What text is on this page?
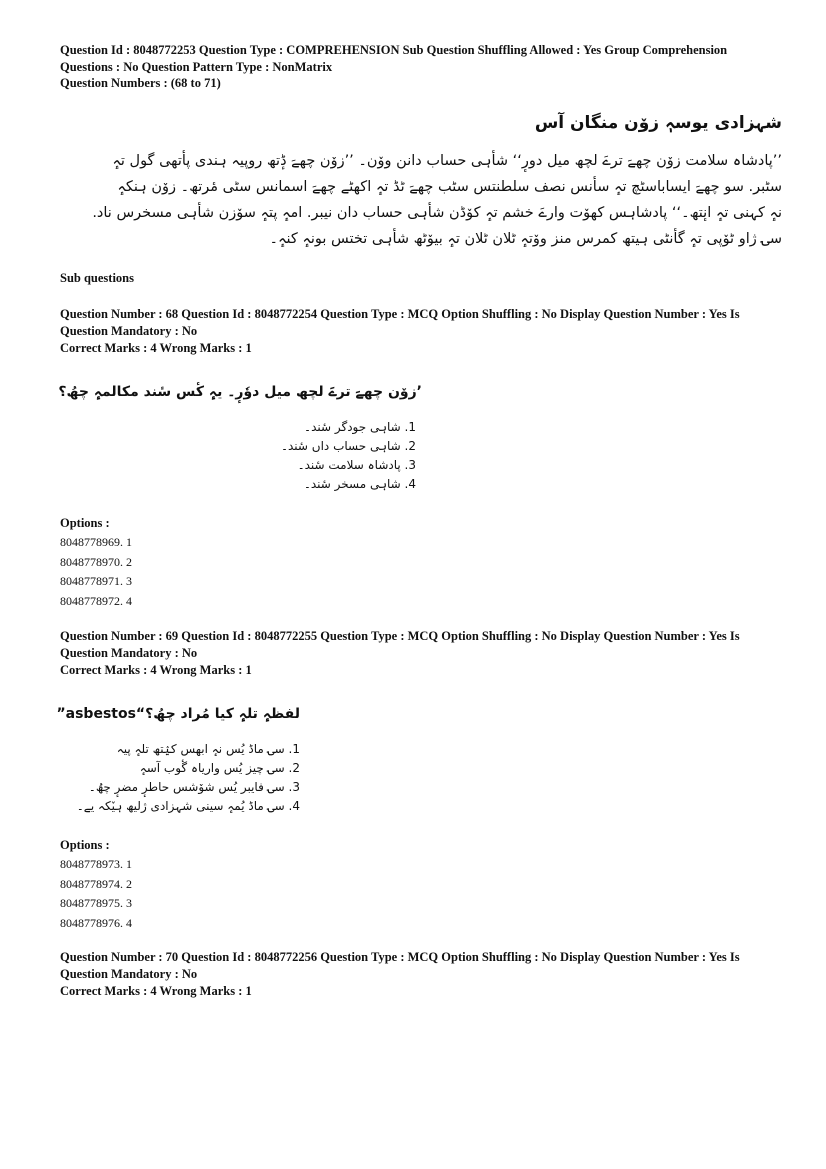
Question Id : 8048772253 Question Type : COMPREHENSION Sub Question Shuffling Allowed : Yes Group Comprehension
Questions : No Question Pattern Type : NonMatrix
Question Numbers : (68 to 71)
شہزادی یوسہٖ زۆن منگان آس

’’پادشاہ سلامت زۆن چھےَ ترےَ لچھ میل دورٕ‘‘ شأہی حساب دانن ووٚن۔ ’’زۆن چھےَ ڈٕتھ روپیہ ہندی پأتھی گول تہٕ

سٹبر. سو چھےَ ایساباسٹچ تہٕ سأنس نصف سلطنتس سٹب چھےَ ٹڈ تہٕ اکھٹے چھےَ اسمانس سٹی مٔرتھ۔ زۆن ہنکہٕ

نہٕ کہنی تہٕ انٕتھ۔‘‘ پادشاہس کھوٚت وارےَ خشم تہٕ کوٚڈن شأہی حساب دان نیبر. امہٕ پتہٕ سوٚزن شأہی مسخرس ناد.

سۍ ژاو ٹوٚپی تہٕ گأنٹی ہیتھ کمرس منز ووٚتہٕ ٹلان ٹلان تہٕ بیوٚٹھ شأہی تختس بونہٕ کنہٕ۔

Sub questions
Question Number : 68 Question Id : 8048772254 Question Type : MCQ Option Shuffling : No Display Question Number : Yes Is
Question Mandatory : No
Correct Marks : 4 Wrong Marks : 1
’زۆن چھےَ ترےَ لچھ میل دوٗرٕ۔ یہٕ کٔس سٔند مکالمہٕ چھُ؟
1. شاہی جودگر سٔند۔
2. شاہی حساب داں سٔند۔
3. پادشاہ سلامت سٔند۔
4. شاہی مسخر سٔند۔
Options :
8048778969. 1
8048778970. 2
8048778971. 3
8048778972. 4
Question Number : 69 Question Id : 8048772255 Question Type : MCQ Option Shuffling : No Display Question Number : Yes Is
Question Mandatory : No
Correct Marks : 4 Wrong Marks : 1
”asbestos“لفظہٕ تلہٕ کیا مُراد چھُ؟
1. سۍ ماڈ یُس نہٕ ابھس کیٛتھ تلہٕ پیہ
2. سۍ چیز یُس واریاہ گٔوب آسہٕ
3. سۍ فایبر یُس شوٚشس حاطرٕ مضرٕ چھُ۔
4. سۍ ماڈ یُمہٕ سینی شہزادی ژلیھ ہیٚکہ یے۔
Options :
8048778973. 1
8048778974. 2
8048778975. 3
8048778976. 4
Question Number : 70 Question Id : 8048772256 Question Type : MCQ Option Shuffling : No Display Question Number : Yes Is
Question Mandatory : No
Correct Marks : 4 Wrong Marks : 1
